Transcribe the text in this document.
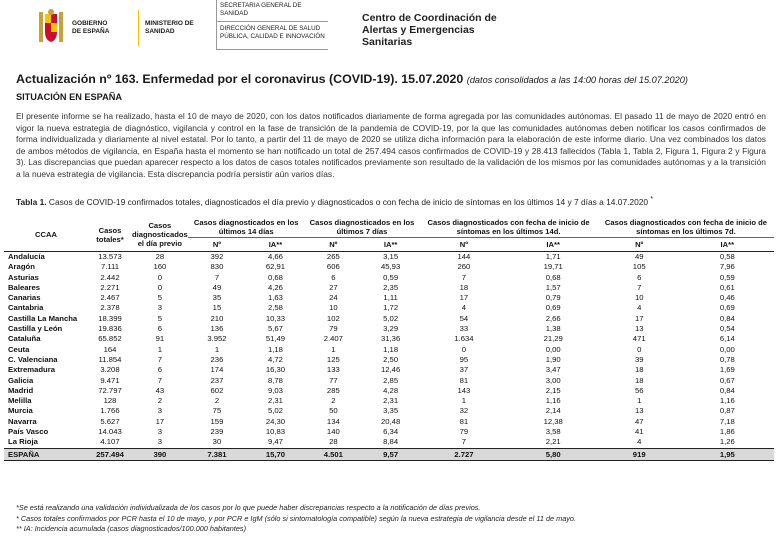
GOBIERNO
DE ESPAÑA
MINISTERIO DE SANIDAD
SECRETARIA GENERAL DE SANIDAD
DIRECCIÓN GENERAL DE SALUD PÚBLICA, CALIDAD E INNOVACIÓN
Centro de Coordinación de Alertas y Emergencias Sanitarias
Actualización nº 163. Enfermedad por el coronavirus (COVID-19). 15.07.2020 (datos consolidados a las 14:00 horas del 15.07.2020)
SITUACIÓN EN ESPAÑA
El presente informe se ha realizado, hasta el 10 de mayo de 2020, con los datos notificados diariamente de forma agregada por las comunidades autónomas. El pasado 11 de mayo de 2020 entró en vigor la nueva estrategia de diagnóstico, vigilancia y control en la fase de transición de la pandemia de COVID-19, por la que las comunidades autónomas deben notificar los casos confirmados de forma individualizada y diariamente al nivel estatal. Por lo tanto, a partir del 11 de mayo de 2020 se utiliza dicha información para la elaboración de este informe diario. Una vez combinados los datos de ambos métodos de vigilancia, en España hasta el momento se han notificado un total de 257.494 casos confirmados de COVID-19 y 28.413 fallecidos (Tabla 1, Tabla 2, Figura 1, Figura 2 y Figura 3). Las discrepancias que puedan aparecer respecto a los datos de casos totales notificados previamente son resultado de la validación de los mismos por las comunidades autónomas y a la transición a la nueva estrategia de vigilancia. Esta discrepancia podría persistir aún varios días.
Tabla 1. Casos de COVID-19 confirmados totales, diagnosticados el día previo y diagnosticados o con fecha de inicio de síntomas en los últimos 14 y 7 días a 14.07.2020 *
CCAA	Casos totales*	Casos diagnosticados el día previo	Casos diagnosticados en los últimos 14 días		Casos diagnosticados en los últimos 7 días		Casos diagnosticados con fecha de inicio de síntomas en los últimos 14d.		Casos diagnosticados con fecha de inicio de síntomas en los últimos 7d.	
			Nº	IA**	Nº	IA**	Nº	IA**	Nº	IA**
Andalucía	13.573	28	392	4,66	265	3,15	144	1,71	49	0,58
Aragón	7.111	160	830	62,91	606	45,93	260	19,71	105	7,96
Asturias	2.442	0	7	0,68	6	0,59	7	0,68	6	0,59
Baleares	2.271	0	49	4,26	27	2,35	18	1,57	7	0,61
Canarias	2.467	5	35	1,63	24	1,11	17	0,79	10	0,46
Cantabria	2.378	3	15	2,58	10	1,72	4	0,69	4	0,69
Castilla La Mancha	18.399	5	210	10,33	102	5,02	54	2,66	17	0,84
Castilla y León	19.836	6	136	5,67	79	3,29	33	1,38	13	0,54
Cataluña	65.852	91	3.952	51,49	2.407	31,36	1.634	21,29	471	6,14
Ceuta	164	1	1	1,18	1	1,18	0	0,00	0	0,00
C. Valenciana	11.854	7	236	4,72	125	2,50	95	1,90	39	0,78
Extremadura	3.208	6	174	16,30	133	12,46	37	3,47	18	1,69
Galicia	9.471	7	237	8,78	77	2,85	81	3,00	18	0,67
Madrid	72.797	43	602	9,03	285	4,28	143	2,15	56	0,84
Melilla	128	2	2	2,31	2	2,31	1	1,16	1	1,16
Murcia	1.766	3	75	5,02	50	3,35	32	2,14	13	0,87
Navarra	5.627	17	159	24,30	134	20,48	81	12,38	47	7,18
País Vasco	14.043	3	239	10,83	140	6,34	79	3,58	41	1,86
La Rioja	4.107	3	30	9,47	28	8,84	7	2,21	4	1,26
ESPAÑA	257.494	390	7.381	15,70	4.501	9,57	2.727	5,80	919	1,95
*Se está realizando una validación individualizada de los casos por lo que puede haber discrepancias respecto a la notificación de días previos.
* Casos totales confirmados por PCR hasta el 10 de mayo, y por PCR e IgM (sólo si sintomatología compatible) según la nueva estrategia de vigilancia desde el 11 de mayo.
** IA: Incidencia acumulada (casos diagnosticados/100.000 habitantes)
